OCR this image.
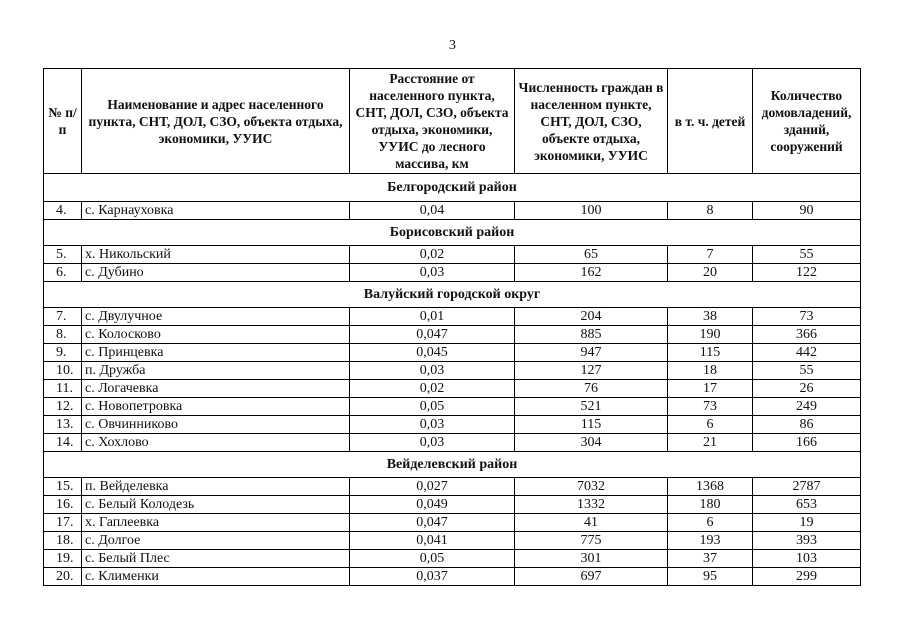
3
№ п/п	Наименование и адрес населенного пункта, СНТ, ДОЛ, СЗО, объекта отдыха, экономики, УУИС	Расстояние от населенного пункта, СНТ, ДОЛ, СЗО, объекта отдыха, экономики, УУИС до лесного массива, км	Численность граждан в населенном пункте, СНТ, ДОЛ, СЗО, объекте отдыха, экономики, УУИС	в т. ч. детей	Количество домовладений, зданий, сооружений
Белгородский район					
4.	с. Карнауховка	0,04	100	8	90
Борисовский район					
5.	х. Никольский	0,02	65	7	55
6.	с. Дубино	0,03	162	20	122
Валуйский городской округ					
7.	с. Двулучное	0,01	204	38	73
8.	с. Колосково	0,047	885	190	366
9.	с. Принцевка	0,045	947	115	442
10.	п. Дружба	0,03	127	18	55
11.	с. Логачевка	0,02	76	17	26
12.	с. Новопетровка	0,05	521	73	249
13.	с. Овчинниково	0,03	115	6	86
14.	с. Хохлово	0,03	304	21	166
Вейделевский район					
15.	п. Вейделевка	0,027	7032	1368	2787
16.	с. Белый Колодезь	0,049	1332	180	653
17.	х. Гаплеевка	0,047	41	6	19
18.	с. Долгое	0,041	775	193	393
19.	с. Белый Плес	0,05	301	37	103
20.	с. Клименки	0,037	697	95	299
